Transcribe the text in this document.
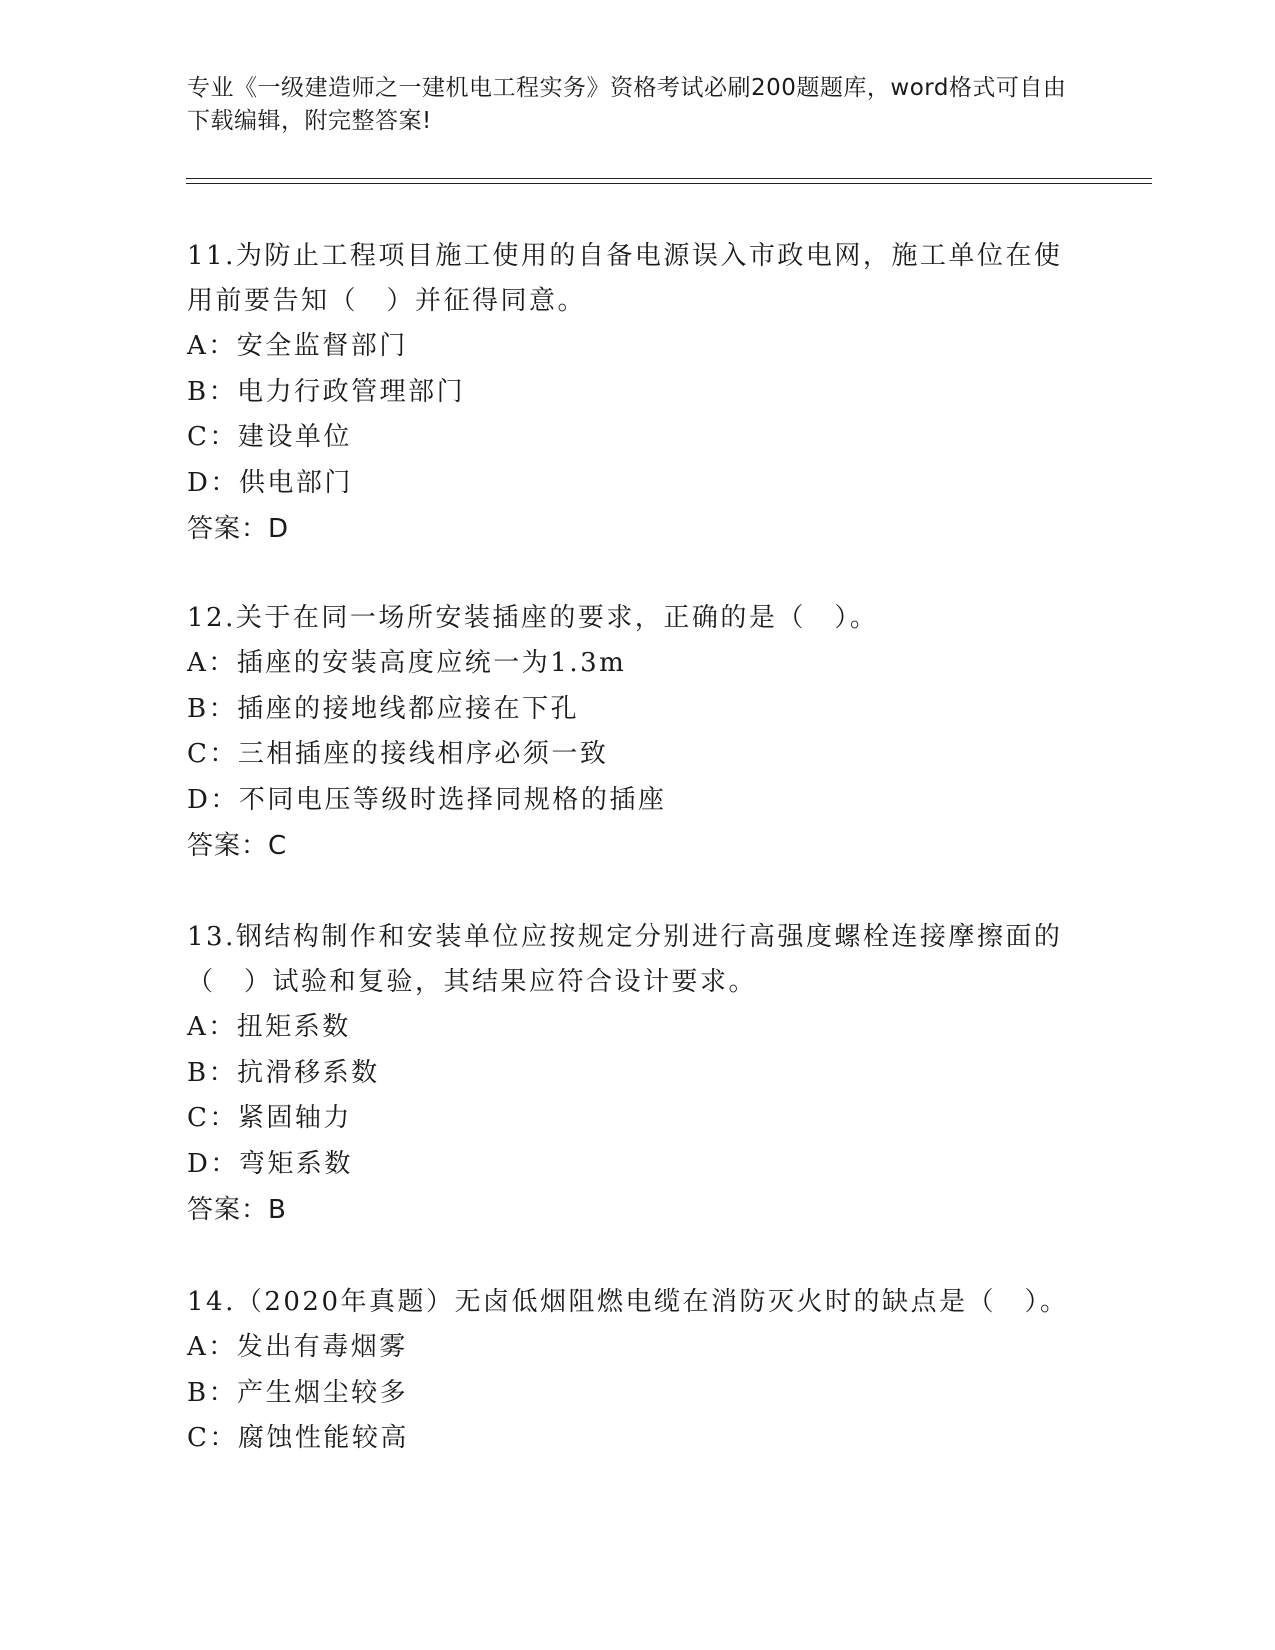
专业《一级建造师之一建机电工程实务》资格考试必刷200题题库，word格式可自由下载编辑，附完整答案!
11.为防止工程项目施工使用的自备电源误入市政电网，施工单位在使用前要告知（　）并征得同意。
A：安全监督部门
B：电力行政管理部门
C：建设单位
D：供电部门
答案：D
12.关于在同一场所安装插座的要求，正确的是（　）。
A：插座的安装高度应统一为1.3m
B：插座的接地线都应接在下孔
C：三相插座的接线相序必须一致
D：不同电压等级时选择同规格的插座
答案：C
13.钢结构制作和安装单位应按规定分别进行高强度螺栓连接摩擦面的（　）试验和复验，其结果应符合设计要求。
A：扭矩系数
B：抗滑移系数
C：紧固轴力
D：弯矩系数
答案：B
14.（2020年真题）无卤低烟阻燃电缆在消防灭火时的缺点是（　）。
A：发出有毒烟雾
B：产生烟尘较多
C：腐蚀性能较高
